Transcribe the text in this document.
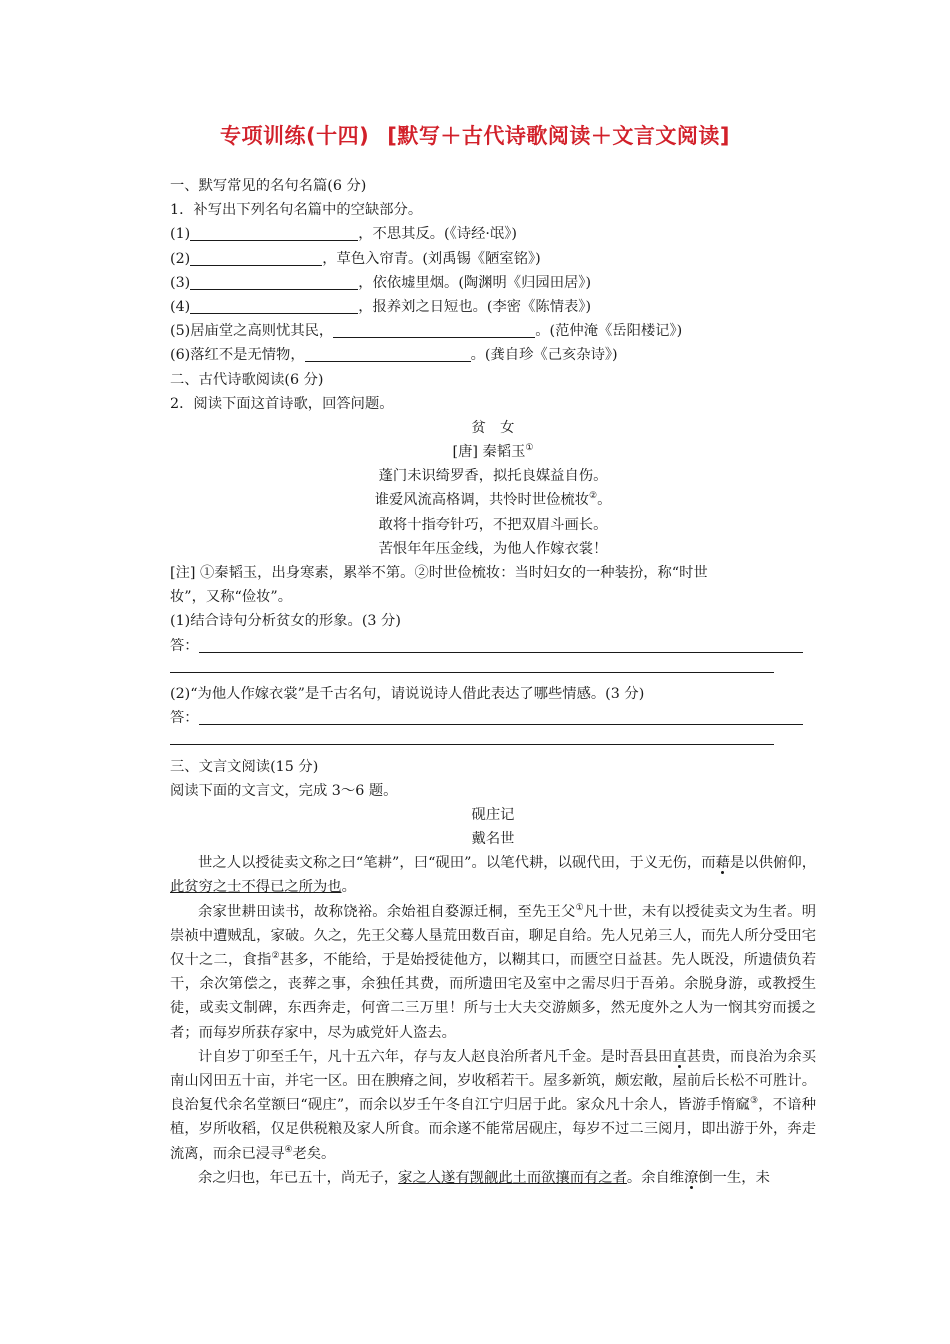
专项训练(十四) [默写＋古代诗歌阅读＋文言文阅读]
一、默写常见的名句名篇(6 分)
1．补写出下列名句名篇中的空缺部分。
(1)	，不思其反。(《诗经·氓》)
(2)	，草色入帘青。(刘禹锡《陋室铭》)
(3)	，依依墟里烟。(陶渊明《归园田居》)
(4)	，报养刘之日短也。(李密《陈情表》)
(5)居庙堂之高则忧其民，	。(范仲淹《岳阳楼记》)
(6)落红不是无情物，	。(龚自珍《己亥杂诗》)
二、古代诗歌阅读(6 分)
2．阅读下面这首诗歌，回答问题。
贫　女
[唐] 秦韬玉①
蓬门未识绮罗香，拟托良媒益自伤。
谁爱风流高格调，共怜时世俭梳妆②。
敢将十指夸针巧，不把双眉斗画长。
苦恨年年压金线，为他人作嫁衣裳！
[注] ①秦韬玉，出身寒素，累举不第。②时世俭梳妆：当时妇女的一种装扮，称“时世
妆”，又称“俭妆”。
(1)结合诗句分析贫女的形象。(3 分)
答：
(2)“为他人作嫁衣裳”是千古名句，请说说诗人借此表达了哪些情感。(3 分)
答：
三、文言文阅读(15 分)
阅读下面的文言文，完成 3～6 题。
砚庄记
戴名世
世之人以授徒卖文称之曰“笔耕”，曰“砚田”。以笔代耕，以砚代田，于义无伤，而藉是以供俯仰，此贫穷之士不得已之所为也。
余家世耕田读书，故称饶裕。余始祖自婺源迁桐，至先王父①凡十世，未有以授徒卖文为生者。明崇祯中遭贼乱，家破。久之，先王父蓦人垦荒田数百亩，聊足自给。先人兄弟三人，而先人所分受田宅仅十之二，食指②甚多，不能给，于是始授徒他方，以糊其口，而匮空日益甚。先人既没，所遗债负若干，余次第偿之，丧葬之事，余独任其费，而所遗田宅及室中之需尽归于吾弟。余脱身游，或教授生徒，或卖文制碑，东西奔走，何啻二三万里！所与士大夫交游颇多，然无度外之人为一悯其穷而援之者；而每岁所获存家中，尽为戚党奸人盗去。
计自岁丁卯至壬午，凡十五六年，存与友人赵良治所者凡千金。是时吾县田直甚贵，而良治为余买南山冈田五十亩，并宅一区。田在腴瘠之间，岁收稻若干。屋多新筑，颇宏敞，屋前后长松不可胜计。良治复代余名堂额曰“砚庄”，而余以岁壬午冬自江宁归居于此。家众凡十余人，皆游手惰窳③，不谙种植，岁所收稻，仅足供税粮及家人所食。而余遂不能常居砚庄，每岁不过二三阅月，即出游于外，奔走流离，而余已浸寻④老矣。
余之归也，年已五十，尚无子，家之人遂有觊觎此土而欲攘而有之者。余自维潦倒一生，未
